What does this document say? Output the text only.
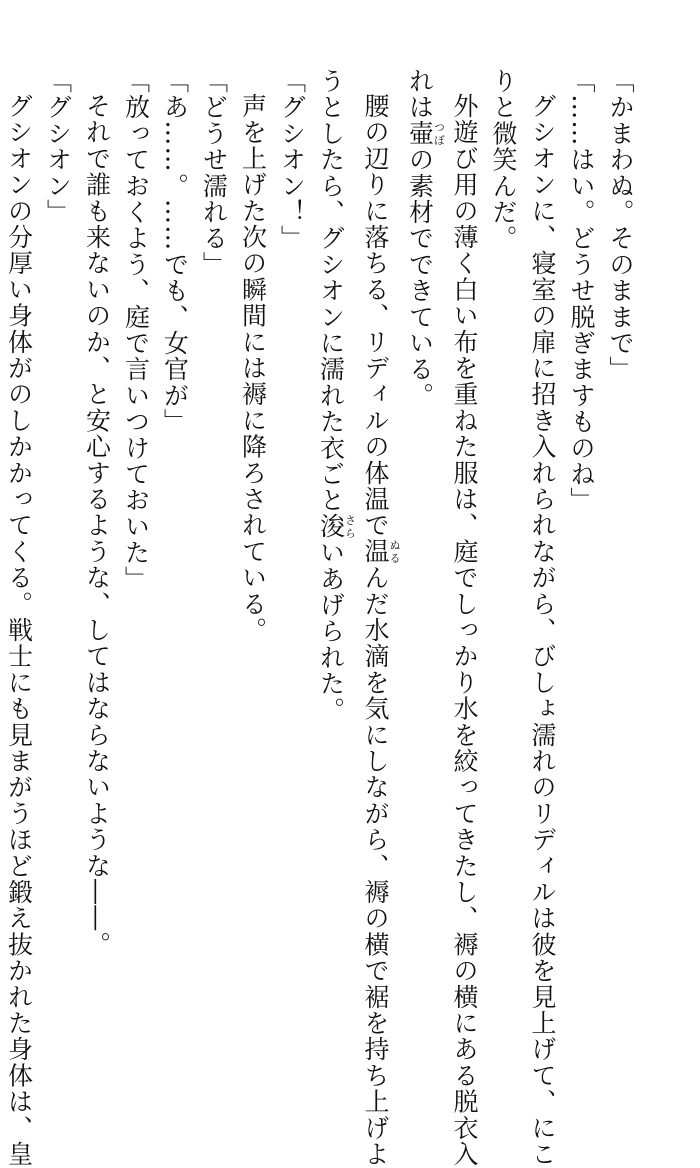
「かまわぬ。そのままで」
「……はい。どうせ脱ぎますものね」
グシオンに、寝室の扉に招き入れられながら、びしょ濡れのリディルは彼を見上げて、にこ
りと微笑んだ。
外遊び用の薄く白い布を重ねた服は、庭でしっかり水を絞ってきたし、褥の横にある脱衣入
れは壷つぼの素材でできている。
腰の辺りに落ちる、リディルの体温で温ぬるんだ水滴を気にしながら、褥の横で裾を持ち上げよ
うとしたら、グシオンに濡れた衣ごと浚さらいあげられた。
「グシオン！」
声を上げた次の瞬間には褥に降ろされている。
「どうせ濡れる」
「あ……。……でも、女官が」
「放っておくよう、庭で言いつけておいた」
それで誰も来ないのか、と安心するような、してはならないような――。
「グシオン」
グシオンの分厚い身体がのしかかってくる。戦士にも見まがうほど鍛え抜かれた身体は、皇
